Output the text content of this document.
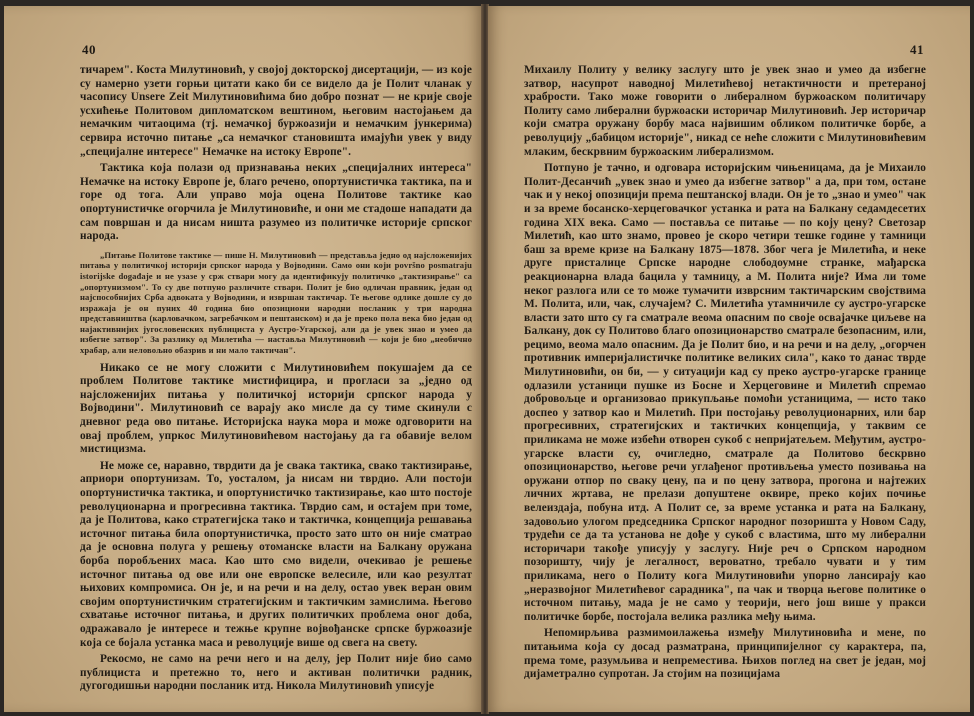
40

тичарем". Коста Милутиновић, у својој докторској дисертацији, — из које су намерно узети горњи цитати како би се видело да је Полит чланак у часопису Unsere Zeit Милутиновићима био добро познат — не крије своје усхићење Политовом дипломатском вештином, његовим настојањем да немачким читаоцима (тј. немачкој буржоазији и немачким јункерима) сервира источно питање „са немачког становишта имајући увек у виду „специјалне интересе" Немачке на истоку Европе".

Тактика која полази од признавања неких „специјалних интереса" Немачке на истоку Европе је, благо речено, опортунистичка тактика, па и горе од тога. Али управо моја оцена Политове тактике као опортунистичке огорчила је Милутиновиће, и они ме стадоше нападати да сам површан и да нисам ништа разумео из политичке историје српског народа.

„Питање Политове тактике — пише Н. Милутиновић — представља једно од најсложенијих питања у политичкој историји српског народа у Војводини. Само они који površno posmatraju istorijske događaje и не узазе у срж ствари могу да идентификују политичко „тактизирање" са „опортунизмом". То су две потпуно различите ствари. Полит је био одличан правник, један од најспособнијих Срба адвоката у Војводини, и извршан тактичар. Те његове одлике дошле су до изражаја је он пуних 40 година био опозициони народни посланик у три народна представништва (карловачком, загребачком и пештанском) и да је преко пола века био један од најактивнијих југословенских публициста у Аустро-Угарској, али да је увек знао и умео да избегне затвор". За разлику од Милетића — наставља Милутиновић — који је био „необично храбар, али неловољно обазрив и ни мало тактичан".

Никако се не могу сложити с Милутиновићем покушајем да се проблем Политове тактике мистифицира, и прогласи за „једно од најсложенијих питања у политичкој историји српског народа у Војводини". Милутиновић се варају ако мисле да су тиме скинули с дневног реда ово питање. Историјска наука мора и може одговорити на овај проблем, упркос Милутиновићевом настојању да га обавије велом мистицизма.

Не може се, наравно, тврдити да је свака тактика, свако тактизирање, априори опортунизам. То, уосталом, ја нисам ни тврдио. Али постоји опортунистичка тактика, и опортунистичко тактизирање, као што постоје револуционарна и прогресивна тактика. Тврдио сам, и остајем при томе, да је Политова, како стратегијска тако и тактичка, концепција решавања источног питања била опортунистичка, просто зато што он није сматрао да је основна полуга у решењу отоманске власти на Балкану оружана борба поробљених маса. Као што смо видели, очекивао је решење источног питања од ове или оне европске велесиле, или као резултат њихових компромиса. Он је, и на речи и на делу, остао увек веран овим својим опортунистичким стратегијским и тактичким замислима. Његово схватање источног питања, и других политичких проблема оног доба, одражавало је интересе и тежње крупне војвођанске српске буржоазије која се бојала устанка маса и револуције више од свега на свету.

Рекосмо, не само на речи него и на делу, јер Полит није био само публициста и претежно то, него и активан политички радник, дугогодишњи народни посланик итд. Никола Милутиновић уписује

41

Михаилу Политу у велику заслугу што је увек знао и умео да избегне затвор, насупрот наводној Милетићевој нетактичности и претераној храбрости. Тако може говорити о либералном буржоаском политичару Политу само либерални буржоаски историчар Милутиновић. Јер историчар који сматра оружану борбу маса највишим обликом политичке борбе, а револуцију „бабицом историје", никад се неће сложити с Милутиновићевим млаким, бескрвним буржоаским либерализмом.

Потпуно је тачно, и одговара историјским чињеницама, да је Михаило Полит-Десанчић „увек знао и умео да избегне затвор" а да, при том, остане чак и у некој опозицији према пештанској влади. Он је то „знао и умео" чак и за време босанско-херцеговачког устанка и рата на Балкану седамдесетих година XIX века. Само — поставља се питање — по коју цену? Светозар Милетић, као што знамо, провео је скоро четири тешке године у тамници баш за време кризе на Балкану 1875—1878. Због чега је Милетића, и неке друге присталице Српске народне слободоумне странке, мађарска реакционарна влада бацила у тамницу, а М. Полита није? Има ли томе неког разлога или се то може тумачити изврсним тактичарским својствима М. Полита, или, чак, случајем? С. Милетића утамничиле су аустро-угарске власти зато што су га сматрале веома опасним по своје освајачке циљеве на Балкану, док су Политово благо опозиционарство сматрале безопасним, или, рецимо, веома мало опасним. Да је Полит био, и на речи и на делу, „огорчен противник империјалистичке политике великих сила", како то данас тврде Милутиновићи, он би, — у ситуацији кад су преко аустро-угарске границе одлазили устаници пушке из Босне и Херцеговине и Милетић спремао добровољце и организовао прикупљање помоћи устаницима, — исто тако доспео у затвор као и Милетић. При постојању револуционарних, или бар прогресивних, стратегијских и тактичких концепција, у таквим се приликама не може избећи отворен сукоб с непријатељем. Међутим, аустро-угарске власти су, очигледно, сматрале да Политово бескрвно опозиционарство, његове речи углађеног противљења уместо позивања на оружани отпор по сваку цену, па и по цену затвора, прогона и најтежих личних жртава, не прелази допуштене оквире, преко којих почиње велеиздаја, побуна итд. А Полит се, за време устанка и рата на Балкану, задовољио улогом председника Српског народног позоришта у Новом Саду, трудећи се да та установа не дође у сукоб с властима, што му либерални историчари такође уписују у заслугу. Није реч о Српском народном позоришту, чију је легалност, вероватно, требало чувати и у тим приликама, него о Политу кога Милутиновићи упорно лансирају као „неразвојног Милетићевог сарадника", па чак и творца његове политике о источном питању, мада је не само у теорији, него још више у пракси политичке борбе, постојала велика разлика међу њима.

Непомирљива размимоилажења између Милутиновића и мене, по питањима која су досад разматрана, принципијелног су карактера, па, према томе, разумљива и непреместива. Њихов поглед на свет је један, мој дијаметрално супротан. Ја стојим на позицијама
